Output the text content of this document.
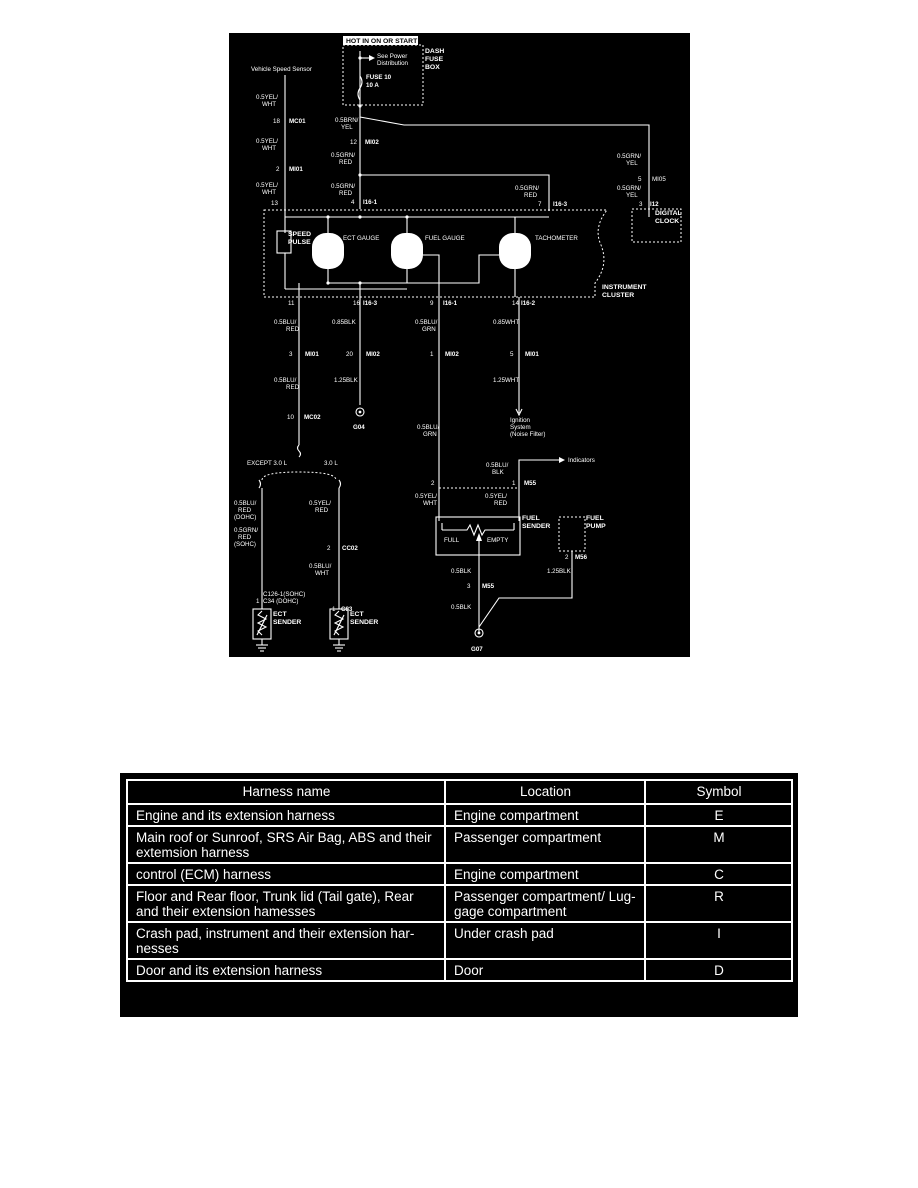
HOT IN ON OR START
DASH FUSE BOX
See Power Distribution
FUSE 10 10 A
Vehicle Speed Sensor
0.5YEL/ WHT
18 MC01
0.5YEL/ WHT
2 MI01
0.5YEL/ WHT
13
0.5BRN/ YEL
12 MI02
0.5GRN/ RED
0.5GRN/ RED
4 I16-1
0.5GRN/ RED
7 I16-3
0.5GRN/ YEL
5 MI05
0.5GRN/ YEL
3 I12
DIGITAL CLOCK
INSTRUMENT CLUSTER
SPEED PULSE
ECT GAUGE	FUEL GAUGE	TACHOMETER
11	16 I16-3	9 I16-1	14 I16-2
0.5BLU/ RED
0.85BLK	0.5BLU/ GRN
0.85WHT
3 MI01	20 MI02	1 MI02	5 MI01
0.5BLU/ RED
1.25BLK	1.25WHT
G04
Ignition System (Noise Filter)
10 MC02
0.5BLU/ GRN
EXCEPT 3.0 L	3.0 L
0.5BLU/ RED (DOHC)
0.5GRN/ RED (SOHC)
0.5YEL/ RED
2 CC02
0.5BLU/ WHT
C126-1(SOHC) C34 (DOHC)
1
1 C83
ECT SENDER
ECT SENDER
Indicators
0.5BLU/ BLK
2	1 M55
0.5YEL/ WHT
0.5YEL/ RED
FULL	EMPTY
FUEL SENDER
FUEL PUMP
0.5BLK
3 M55
0.5BLK
2 M56
1.25BLK
G07
Harness name	Location	Symbol
Engine and its extension harness	Engine compartment	E
Main roof or Sunroof, SRS Air Bag, ABS and their extemsion harness	Passenger compartment	M
control (ECM) harness	Engine compartment	C
Floor and Rear floor, Trunk lid (Tail gate), Rear and their extension hamesses	Passenger compartment/ Lug-gage compartment	R
Crash pad, instrument and their extension har-nesses	Under crash pad	I
Door and its extension harness	Door	D
